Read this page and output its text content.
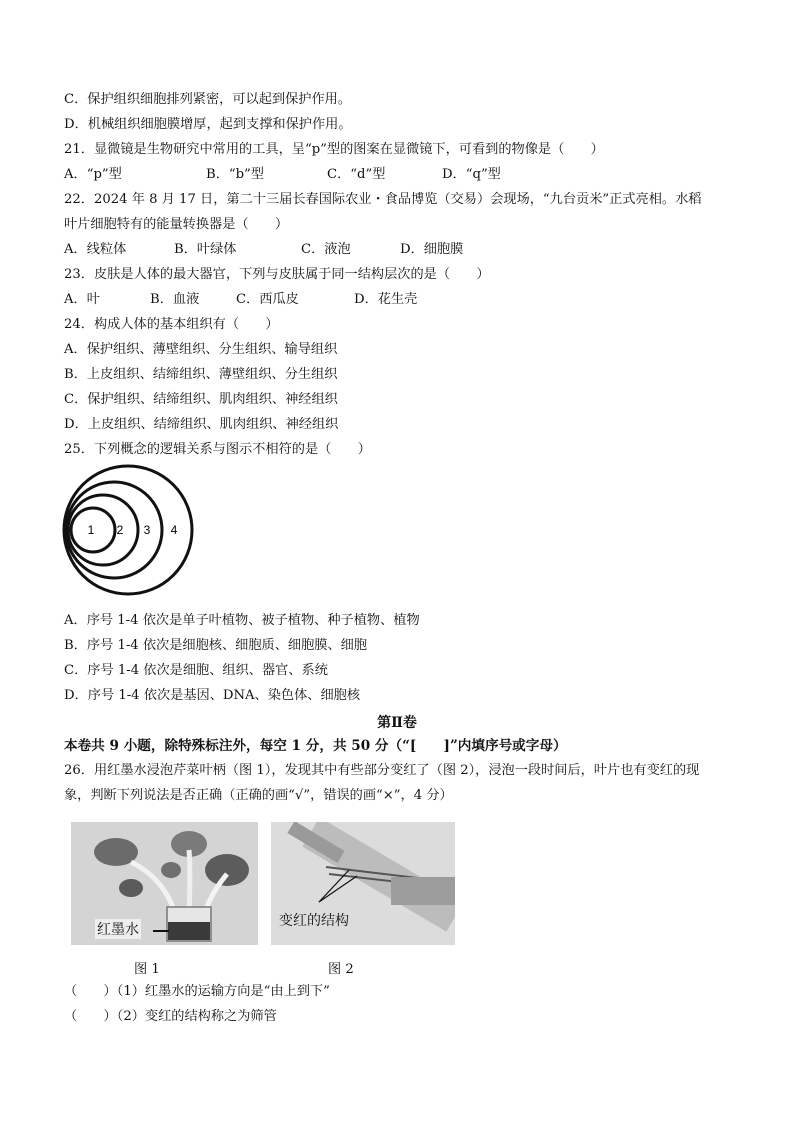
C．保护组织细胞排列紧密，可以起到保护作用。
D．机械组织细胞膜增厚，起到支撑和保护作用。
21．显微镜是生物研究中常用的工具，呈“p”型的图案在显微镜下，可看到的物像是（　　）
A．“p”型	B．“b”型	C．“d”型	D．“q”型
22．2024 年 8 月 17 日，第二十三届长春国际农业・食品博览（交易）会现场，“九台贡米”正式亮相。水稻
叶片细胞特有的能量转换器是（　　）
A．线粒体	B．叶绿体	C．液泡	D．细胞膜
23．皮肤是人体的最大器官，下列与皮肤属于同一结构层次的是（　　）
A．叶	B．血液	C．西瓜皮	D．花生壳
24．构成人体的基本组织有（　　）
A．保护组织、薄壁组织、分生组织、输导组织
B．上皮组织、结缔组织、薄壁组织、分生组织
C．保护组织、结缔组织、肌肉组织、神经组织
D．上皮组织、结缔组织、肌肉组织、神经组织
25．下列概念的逻辑关系与图示不相符的是（　　）
1 2 3 4
A．序号 1-4 依次是单子叶植物、被子植物、种子植物、植物
B．序号 1-4 依次是细胞核、细胞质、细胞膜、细胞
C．序号 1-4 依次是细胞、组织、器官、系统
D．序号 1-4 依次是基因、DNA、染色体、细胞核
第Ⅱ卷
本卷共 9 小题，除特殊标注外，每空 1 分，共 50 分（“[　　]”内填序号或字母）
26．用红墨水浸泡芹菜叶柄（图 1），发现其中有些部分变红了（图 2），浸泡一段时间后，叶片也有变红的现
象，判断下列说法是否正确（正确的画“√”，错误的画“×”，4 分）
红墨水
变红的结构
图 1	图 2
（　　）（1）红墨水的运输方向是“由上到下”
（　　）（2）变红的结构称之为筛管
